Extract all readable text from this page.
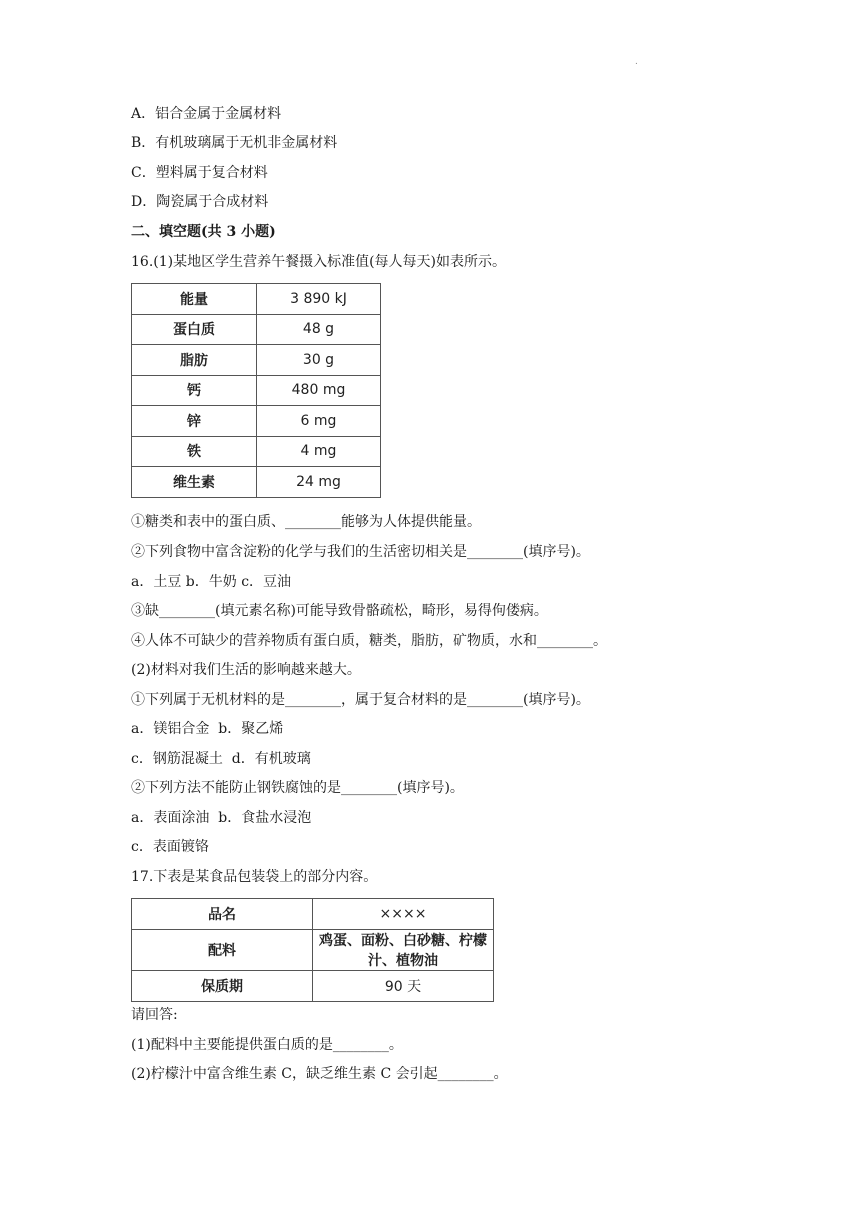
.
A．铝合金属于金属材料
B．有机玻璃属于无机非金属材料
C．塑料属于复合材料
D．陶瓷属于合成材料
二、填空题(共 3 小题)
16.(1)某地区学生营养午餐摄入标准值(每人每天)如表所示。
能量	3 890 kJ
蛋白质	48 g
脂肪	30 g
钙	480 mg
锌	6 mg
铁	4 mg
维生素	24 mg
①糖类和表中的蛋白质、________能够为人体提供能量。
②下列食物中富含淀粉的化学与我们的生活密切相关是________(填序号)。
a．土豆 b．牛奶 c．豆油
③缺________(填元素名称)可能导致骨骼疏松，畸形，易得佝偻病。
④人体不可缺少的营养物质有蛋白质，糖类，脂肪，矿物质，水和________。
(2)材料对我们生活的影响越来越大。
①下列属于无机材料的是________，属于复合材料的是________(填序号)。
a．镁铝合金  b．聚乙烯
c．钢筋混凝土  d．有机玻璃
②下列方法不能防止钢铁腐蚀的是________(填序号)。
a．表面涂油  b．食盐水浸泡
c．表面镀铬
17.下表是某食品包装袋上的部分内容。
品名	××××
配料	鸡蛋、面粉、白砂糖、柠檬汁、植物油
保质期	90 天
请回答:
(1)配料中主要能提供蛋白质的是________。
(2)柠檬汁中富含维生素 C，缺乏维生素 C 会引起________。
